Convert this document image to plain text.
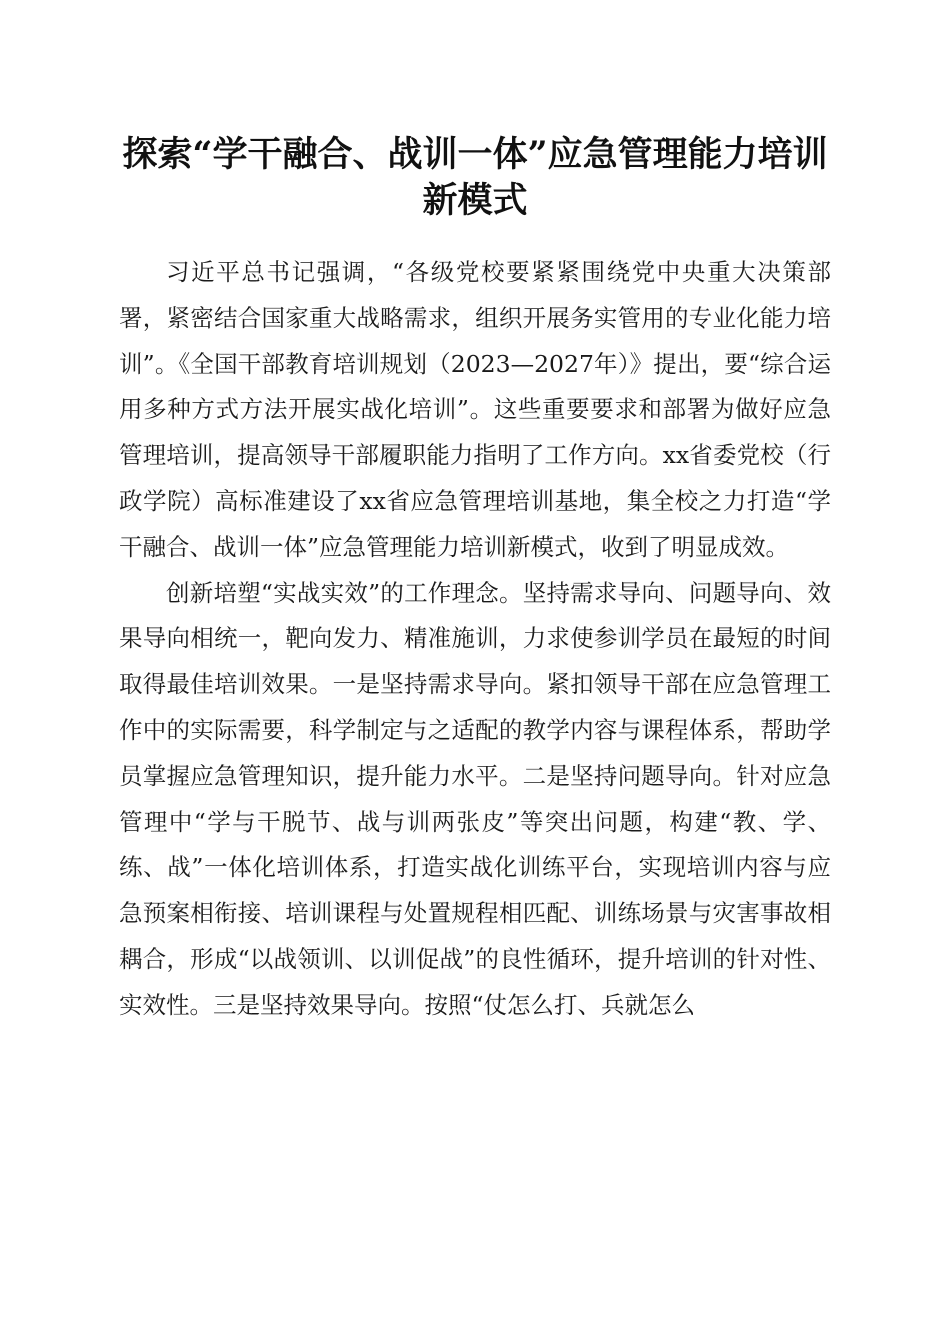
探索“学干融合、战训一体”应急管理能力培训新模式

习近平总书记强调，“各级党校要紧紧围绕党中央重大决策部署，紧密结合国家重大战略需求，组织开展务实管用的专业化能力培训”。《全国干部教育培训规划（2023—2027年）》提出，要“综合运用多种方式方法开展实战化培训”。这些重要要求和部署为做好应急管理培训，提高领导干部履职能力指明了工作方向。xx省委党校（行政学院）高标准建设了xx省应急管理培训基地，集全校之力打造“学干融合、战训一体”应急管理能力培训新模式，收到了明显成效。

创新培塑“实战实效”的工作理念。坚持需求导向、问题导向、效果导向相统一，靶向发力、精准施训，力求使参训学员在最短的时间取得最佳培训效果。一是坚持需求导向。紧扣领导干部在应急管理工作中的实际需要，科学制定与之适配的教学内容与课程体系，帮助学员掌握应急管理知识，提升能力水平。二是坚持问题导向。针对应急管理中“学与干脱节、战与训两张皮”等突出问题，构建“教、学、练、战”一体化培训体系，打造实战化训练平台，实现培训内容与应急预案相衔接、培训课程与处置规程相匹配、训练场景与灾害事故相耦合，形成“以战领训、以训促战”的良性循环，提升培训的针对性、实效性。三是坚持效果导向。按照“仗怎么打、兵就怎么
